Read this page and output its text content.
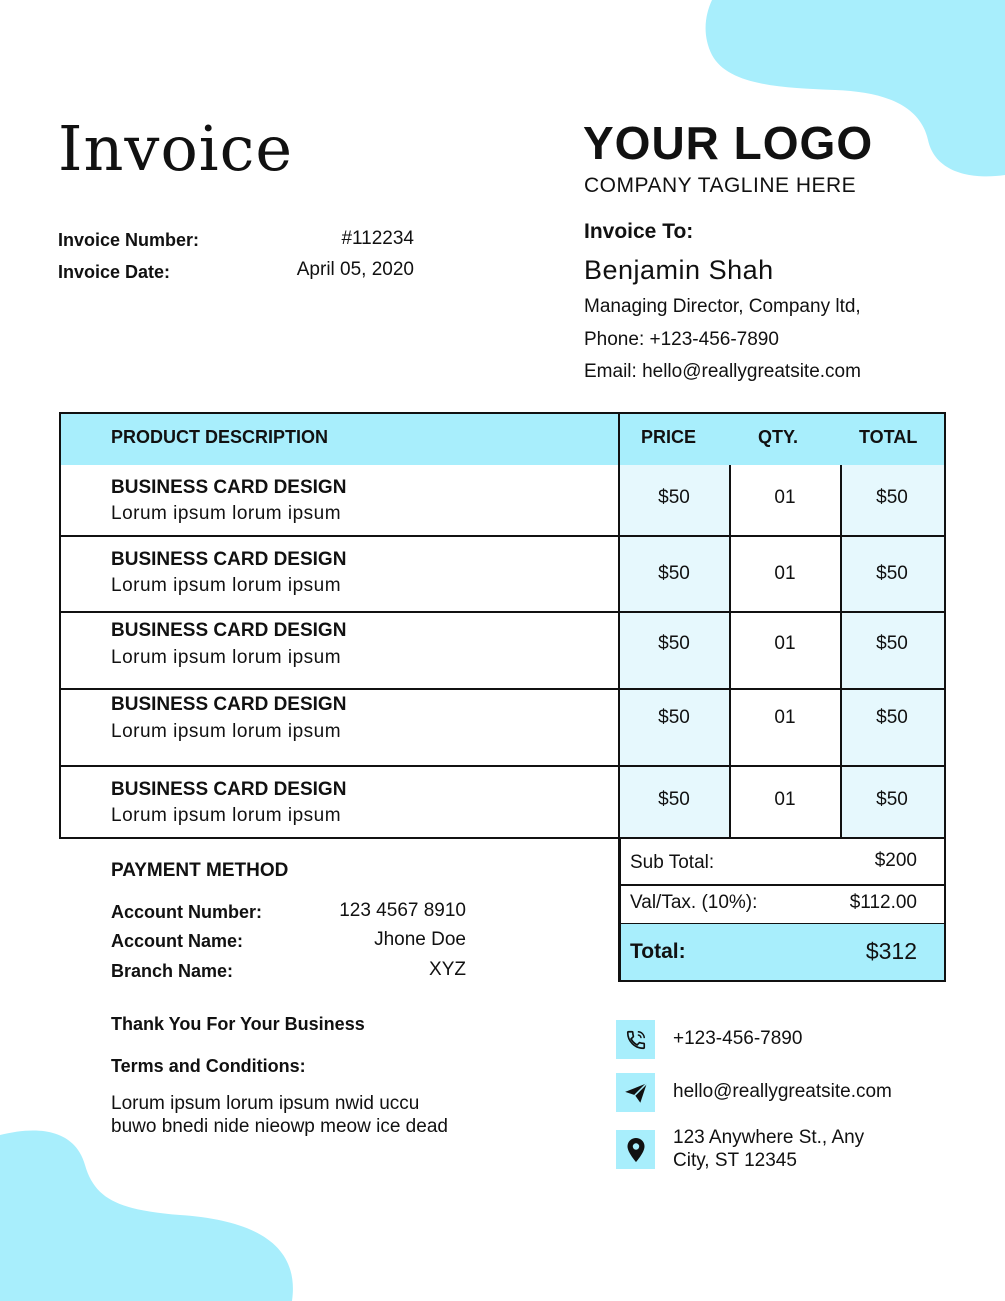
Invoice
Invoice Number:	#112234
Invoice Date:	April 05, 2020
YOUR LOGO
COMPANY TAGLINE HERE
Invoice To:
Benjamin Shah
Managing Director, Company ltd,
Phone: +123-456-7890
Email: hello@reallygreatsite.com
PRODUCT DESCRIPTION	PRICE	QTY.	TOTAL
BUSINESS CARD DESIGN
Lorum ipsum lorum ipsum
$50	01	$50
BUSINESS CARD DESIGN
Lorum ipsum lorum ipsum
$50	01	$50
BUSINESS CARD DESIGN
Lorum ipsum lorum ipsum
$50	01	$50
BUSINESS CARD DESIGN
Lorum ipsum lorum ipsum
$50	01	$50
BUSINESS CARD DESIGN
Lorum ipsum lorum ipsum
$50	01	$50
Sub Total:	$200
Val/Tax. (10%):	$112.00
Total:	$312
PAYMENT METHOD
Account Number:	123 4567 8910
Account Name:	Jhone Doe
Branch Name:	XYZ
Thank You For Your Business
Terms and Conditions:
Lorum ipsum lorum ipsum nwid uccu
buwo bnedi nide nieowp meow ice dead
+123-456-7890
hello@reallygreatsite.com
123 Anywhere St., Any
City, ST 12345
